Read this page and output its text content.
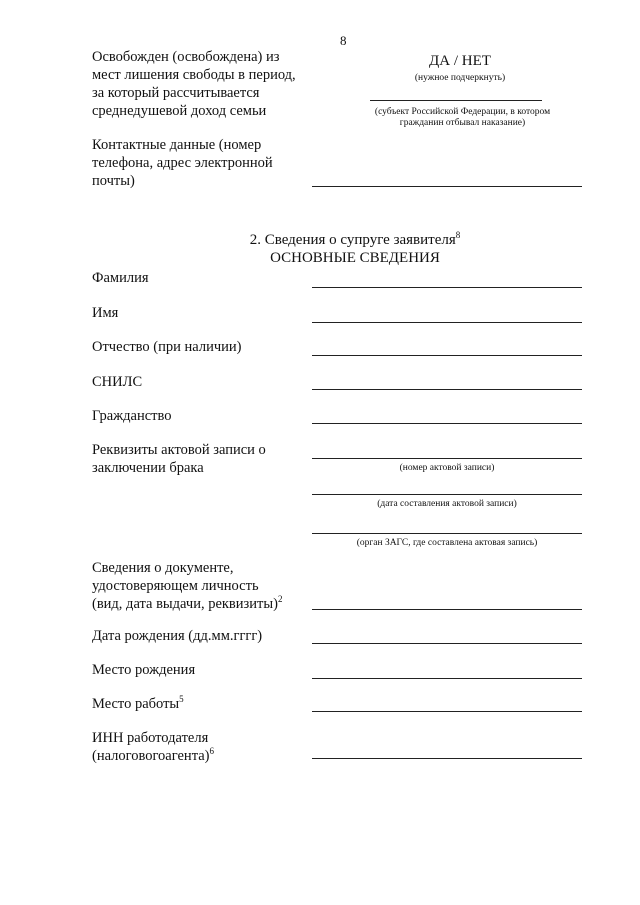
8
Освобожден (освобождена) из
мест лишения свободы в период,
за который рассчитывается
среднедушевой доход семьи
ДА / НЕТ
(нужное подчеркнуть)
(субъект Российской Федерации, в котором
гражданин отбывал наказание)
Контактные данные (номер
телефона, адрес электронной
почты)
2. Сведения о супруге заявителя$^8$
ОСНОВНЫЕ СВЕДЕНИЯ
Фамилия
Имя
Отчество (при наличии)
СНИЛС
Гражданство
Реквизиты актовой записи о
заключении брака	(номер актовой записи)
(дата составления актовой записи)
(орган ЗАГС, где составлена актовая запись)
Сведения о документе,
удостоверяющем личность
(вид, дата выдачи, реквизиты)$^2$
Дата рождения (дд.мм.гггг)
Место рождения
Место работы$^5$
ИНН работодателя
(налоговогоагента)$^6$
